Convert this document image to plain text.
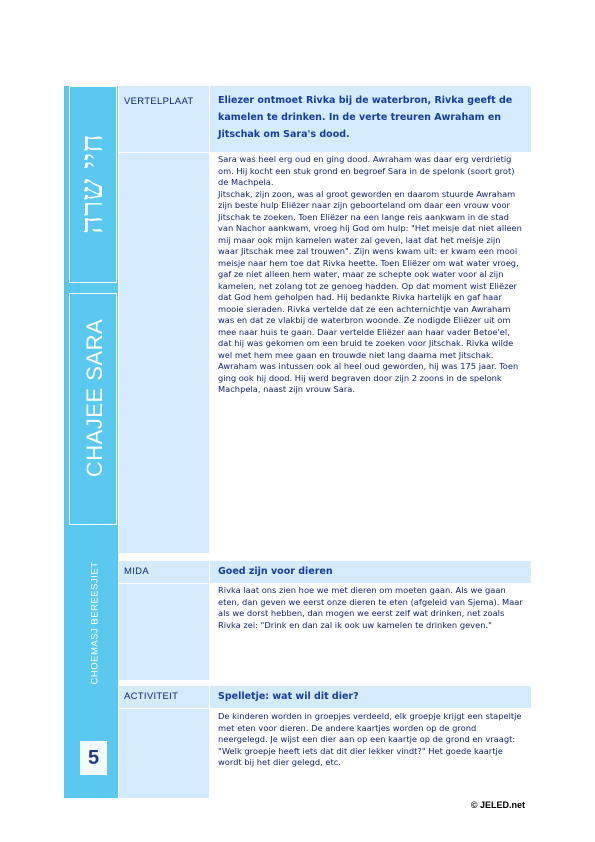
חיי שרה
CHAJEE SARA
CHOEMASJ BEREESJIET
5
VERTELPLAAT	Eliezer ontmoet Rivka bij de waterbron, Rivka geeft de kamelen te drinken. In de verte treuren Awraham en Jitschak om Sara's dood.
Sara was heel erg oud en ging dood. Awraham was daar erg verdrietig om. Hij kocht een stuk grond en begroef Sara in de spelonk (soort grot) de Machpela.
Jitschak, zijn zoon, was al groot geworden en daarom stuurde Awraham zijn beste hulp Eliëzer naar zijn geboorteland om daar een vrouw voor Jitschak te zoeken. Toen Eliëzer na een lange reis aankwam in de stad van Nachor aankwam, vroeg hij God om hulp: "Het meisje dat niet alleen mij maar ook mijn kamelen water zal geven, laat dat het meisje zijn waar Jitschak mee zal trouwen". Zijn wens kwam uit: er kwam een mooi meisje naar hem toe dat Rivka heette. Toen Eliëzer om wat water vroeg, gaf ze niet alleen hem water, maar ze schepte ook water voor al zijn kamelen, net zolang tot ze genoeg hadden. Op dat moment wist Eliëzer dat God hem geholpen had. Hij bedankte Rivka hartelijk en gaf haar mooie sieraden. Rivka vertelde dat ze een achternichtje van Awraham was en dat ze vlakbij de waterbron woonde. Ze nodigde Eliëzer uit om mee naar huis te gaan. Daar vertelde Eliëzer aan haar vader Betoe'el, dat hij was gekomen om een bruid te zoeken voor Jitschak. Rivka wilde wel met hem mee gaan en trouwde niet lang daarna met Jitschak.
Awraham was intussen ook al heel oud geworden, hij was 175 jaar. Toen ging ook hij dood. Hij werd begraven door zijn 2 zoons in de spelonk Machpela, naast zijn vrouw Sara.
MIDA	Goed zijn voor dieren
Rivka laat ons zien hoe we met dieren om moeten gaan. Als we gaan eten, dan geven we eerst onze dieren te eten (afgeleid van Sjema). Maar als we dorst hebben, dan mogen we eerst zelf wat drinken, net zoals Rivka zei: "Drink en dan zal ik ook uw kamelen te drinken geven."
ACTIVITEIT	Spelletje: wat wil dit dier?
De kinderen worden in groepjes verdeeld, elk groepje krijgt een stapeltje met eten voor dieren. De andere kaartjes worden op de grond neergelegd. Je wijst een dier aan op een kaartje op de grond en vraagt: "Welk groepje heeft iets dat dit dier lekker vindt?" Het goede kaartje wordt bij het dier gelegd, etc.
© JELED.net
